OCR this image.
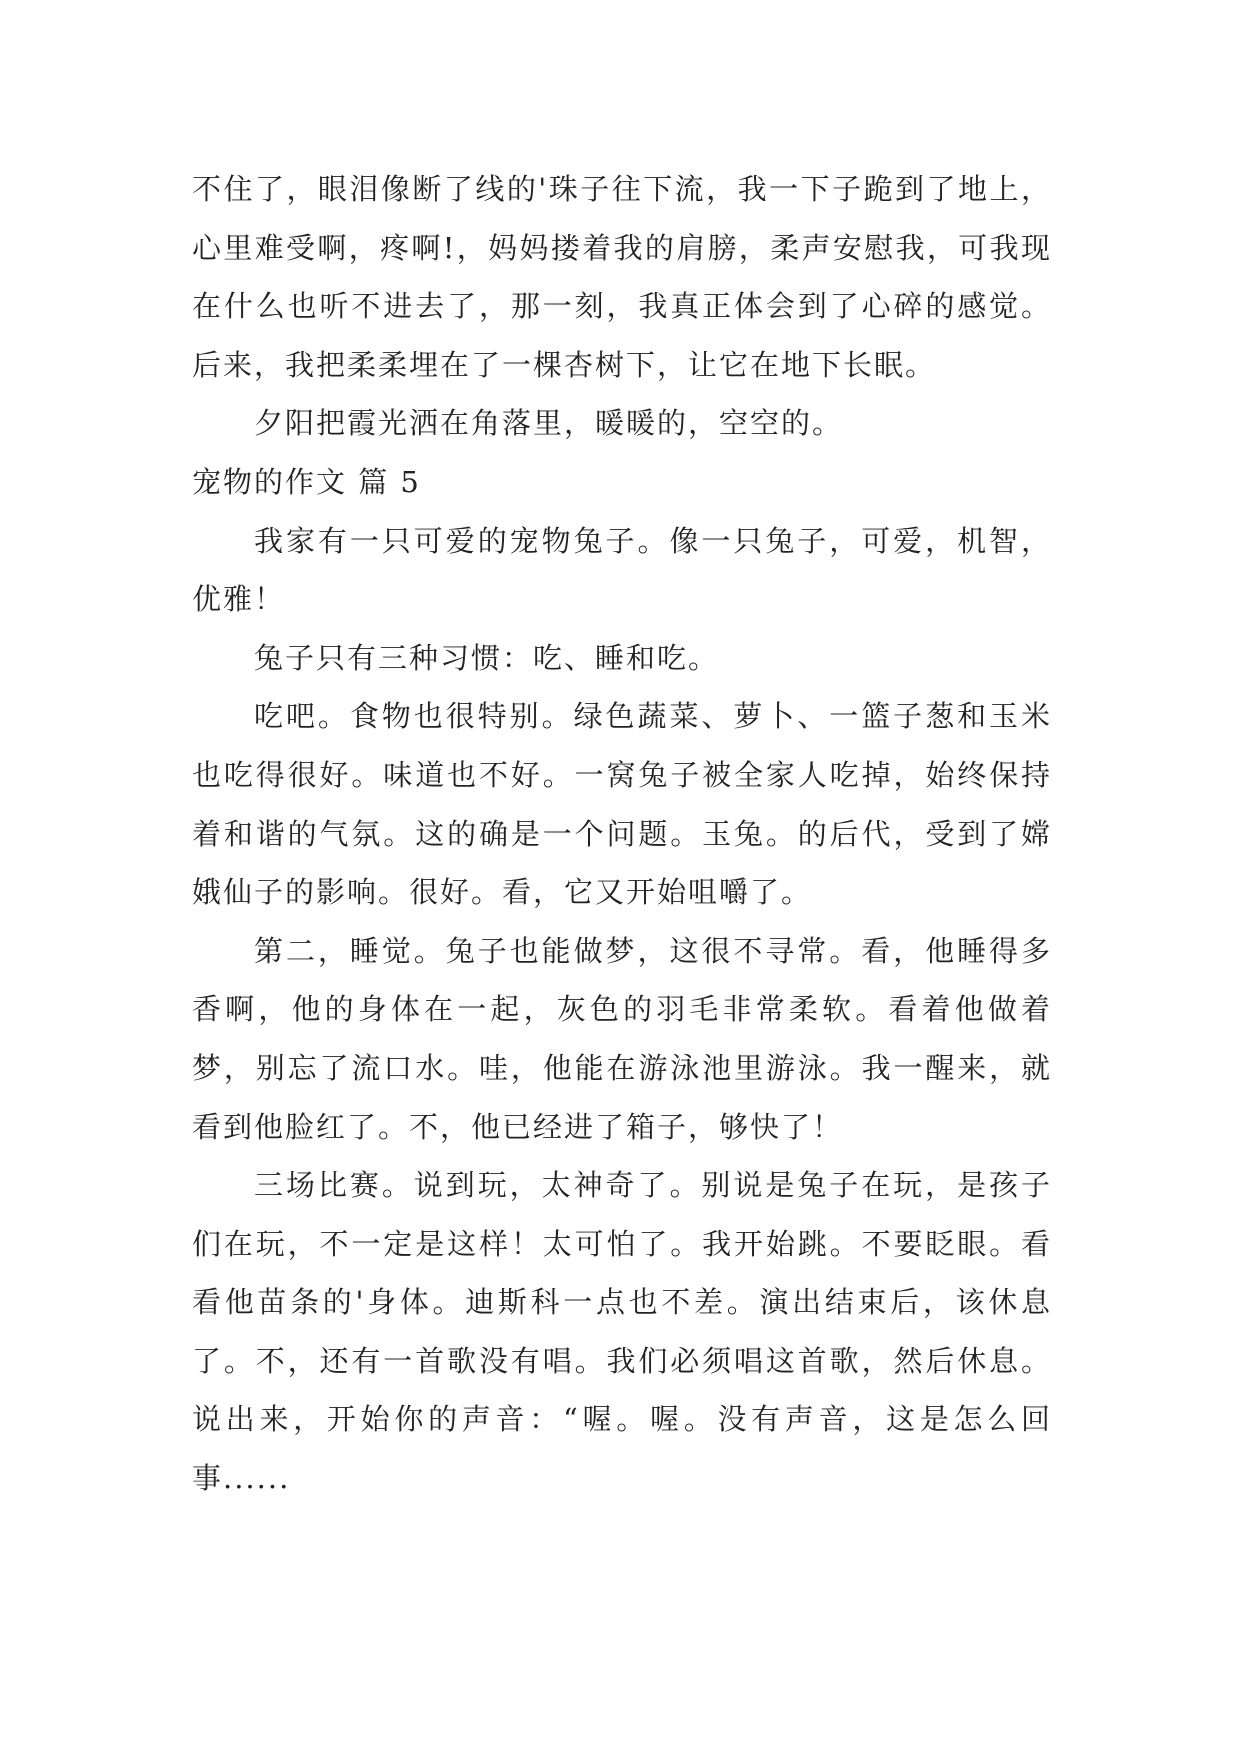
不住了，眼泪像断了线的'珠子往下流，我一下子跪到了地上，心里难受啊，疼啊!，妈妈搂着我的肩膀，柔声安慰我，可我现在什么也听不进去了，那一刻，我真正体会到了心碎的感觉。后来，我把柔柔埋在了一棵杏树下，让它在地下长眠。

夕阳把霞光洒在角落里，暖暖的，空空的。

宠物的作文 篇 5

我家有一只可爱的宠物兔子。像一只兔子，可爱，机智，优雅！

兔子只有三种习惯：吃、睡和吃。

吃吧。食物也很特别。绿色蔬菜、萝卜、一篮子葱和玉米也吃得很好。味道也不好。一窝兔子被全家人吃掉，始终保持着和谐的气氛。这的确是一个问题。玉兔。的后代，受到了嫦娥仙子的影响。很好。看，它又开始咀嚼了。

第二，睡觉。兔子也能做梦，这很不寻常。看，他睡得多香啊，他的身体在一起，灰色的羽毛非常柔软。看着他做着梦，别忘了流口水。哇，他能在游泳池里游泳。我一醒来，就看到他脸红了。不，他已经进了箱子，够快了！

三场比赛。说到玩，太神奇了。别说是兔子在玩，是孩子们在玩，不一定是这样！太可怕了。我开始跳。不要眨眼。看看他苗条的'身体。迪斯科一点也不差。演出结束后，该休息了。不，还有一首歌没有唱。我们必须唱这首歌，然后休息。说出来，开始你的声音：“喔。喔。没有声音，这是怎么回事......
